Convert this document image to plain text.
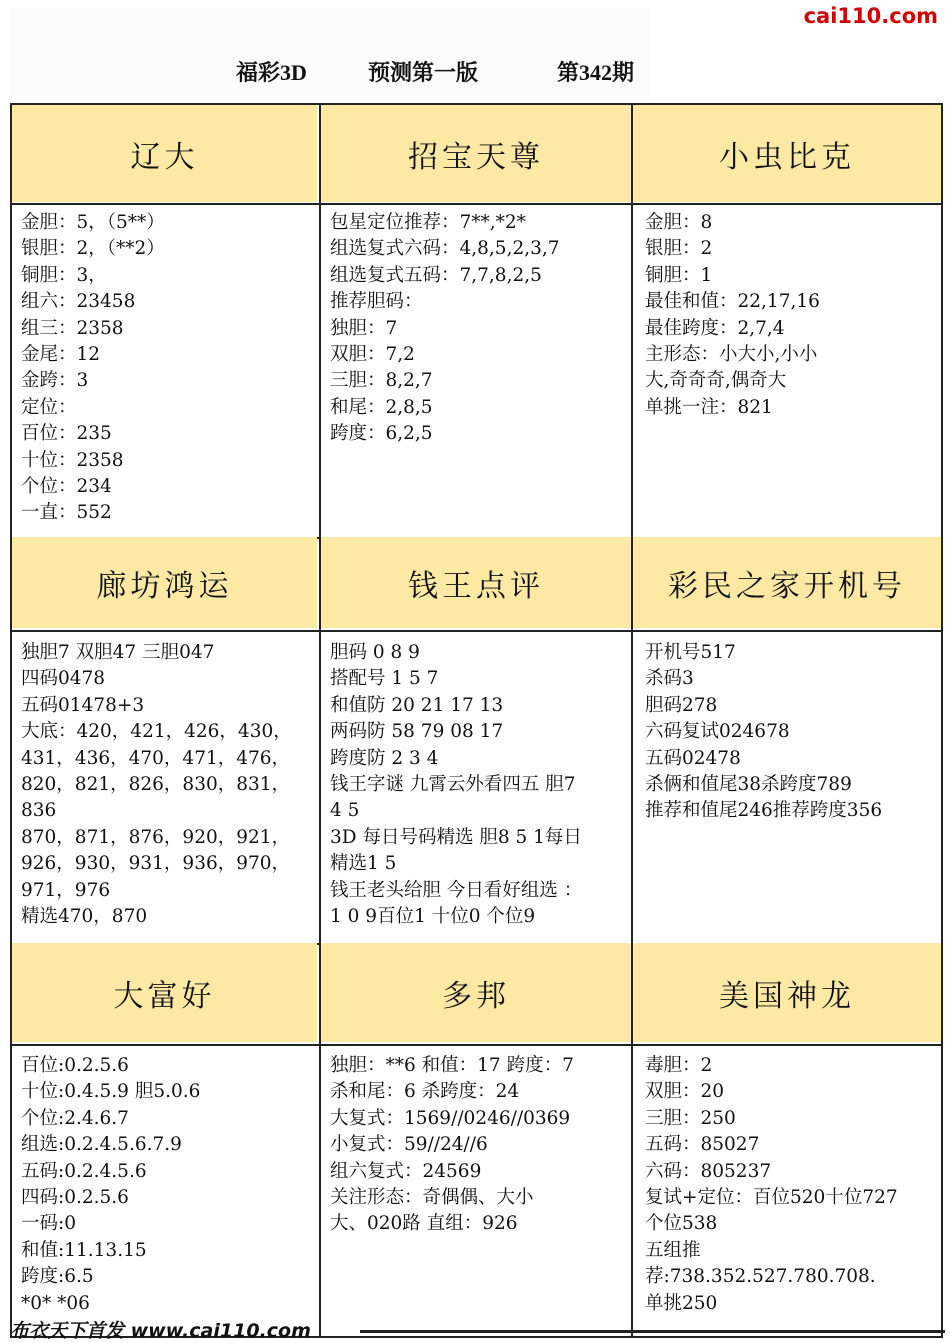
cai110.com
福彩3D	预测第一版	第342期
辽大
金胆：5，（5**）
银胆：2，（**2）
铜胆：3，
组六：23458
组三：2358
金尾：12
金跨：3
定位：
百位：235
十位：2358
个位：234
一直：552
招宝天尊
包星定位推荐：7**,*2*
组选复式六码：4,8,5,2,3,7
组选复式五码：7,7,8,2,5
推荐胆码：
独胆：7
双胆：7,2
三胆：8,2,7
和尾：2,8,5
跨度：6,2,5
小虫比克
金胆：8
银胆：2
铜胆：1
最佳和值：22,17,16
最佳跨度：2,7,4
主形态：小大小,小小
大,奇奇奇,偶奇大
单挑一注：821
廊坊鸿运
独胆7 双胆47 三胆047
四码0478
五码01478+3
大底：420，421，426，430，
431，436，470，471，476，
820，821，826，830，831，
836
870，871，876，920，921，
926，930，931，936，970，
971，976
精选470，870
钱王点评
胆码 0 8 9
搭配号 1 5 7
和值防 20 21 17 13
两码防 58 79 08 17
跨度防 2 3 4
钱王字谜 九霄云外看四五 胆7
4 5
3D 每日号码精选 胆8 5 1每日
精选1 5
钱王老头给胆 今日看好组选 ：
1 0 9百位1 十位0 个位9
彩民之家开机号
开机号517
杀码3
胆码278
六码复试024678
五码02478
杀俩和值尾38杀跨度789
推荐和值尾246推荐跨度356
大富好
百位:0.2.5.6
十位:0.4.5.9 胆5.0.6
个位:2.4.6.7
组选:0.2.4.5.6.7.9
五码:0.2.4.5.6
四码:0.2.5.6
一码:0
和值:11.13.15
跨度:6.5
*0* *06
多邦
独胆：**6 和值：17 跨度：7
杀和尾：6 杀跨度：24
大复式：1569//0246//0369
小复式：59//24//6
组六复式：24569
关注形态：奇偶偶、大小
大、020路 直组：926
美国神龙
毒胆：2
双胆：20
三胆：250
五码：85027
六码：805237
复试+定位：百位520十位727
个位538
五组推
荐:738.352.527.780.708.
单挑250
布衣天下首发 www.cai110.com
